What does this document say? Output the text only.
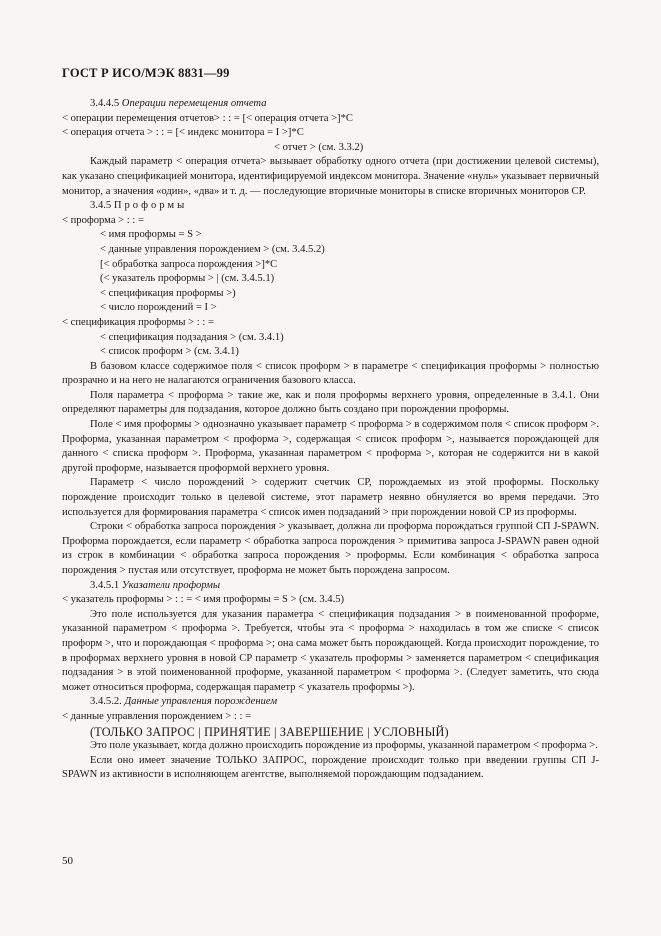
ГОСТ Р ИСО/МЭК 8831—99

3.4.4.5 Операции перемещения отчета

< операции перемещения отчетов> : : = [< операция отчета >]*C

< операция отчета > : : = [< индекс монитора = I >]*C

< отчет > (см. 3.3.2)

Каждый параметр < операция отчета> вызывает обработку одного отчета (при достижении целевой системы), как указано спецификацией монитора, идентифицируемой индексом монитора. Значение «нуль» указывает первичный монитор, а значения «один», «два» и т. д. — последующие вторичные мониторы в списке вторичных мониторов СР.

3.4.5 Проформы

< проформа > : : =

< имя проформы = S >

< данные управления порождением > (см. 3.4.5.2)

[< обработка запроса порождения >]*C

(< указатель проформы > | (см. 3.4.5.1)

< спецификация проформы >)

< число порождений = I >

< спецификация проформы > : : =

< спецификация подзадания > (см. 3.4.1)

< список проформ > (см. 3.4.1)

В базовом классе содержимое поля < список проформ > в параметре < спецификация проформы > полностью прозрачно и на него не налагаются ограничения базового класса.

Поля параметра < проформа > такие же, как и поля проформы верхнего уровня, определенные в 3.4.1. Они определяют параметры для подзадания, которое должно быть создано при порождении проформы.

Поле < имя проформы > однозначно указывает параметр < проформа > в содержимом поля < список проформ >. Проформа, указанная параметром < проформа >, содержащая < список проформ >, называется порождающей для данного < списка проформ >. Проформа, указанная параметром < проформа >, которая не содержится ни в какой другой проформе, называется проформой верхнего уровня.

Параметр < число порождений > содержит счетчик СР, порождаемых из этой проформы. Поскольку порождение происходит только в целевой системе, этот параметр неявно обнуляется во время передачи. Это используется для формирования параметра < список имен подзаданий > при порождении новой СР из проформы.

Строки < обработка запроса порождения > указывает, должна ли проформа порождаться группой СП J-SPAWN. Проформа порождается, если параметр < обработка запроса порождения > примитива запроса J-SPAWN равен одной из строк в комбинации < обработка запроса порождения > проформы. Если комбинация < обработка запроса порождения > пустая или отсутствует, проформа не может быть порождена запросом.

3.4.5.1 Указатели проформы

< указатель проформы > : : = < имя проформы = S > (см. 3.4.5)

Это поле используется для указания параметра < спецификация подзадания > в поименованной проформе, указанной параметром < проформа >. Требуется, чтобы эта < проформа > находилась в том же списке < список проформ >, что и порождающая < проформа >; она сама может быть порождающей. Когда происходит порождение, то в проформах верхнего уровня в новой СР параметр < указатель проформы > заменяется параметром < спецификация подзадания > в этой поименованной проформе, указанной параметром < проформа >. (Следует заметить, что сюда может относиться проформа, содержащая параметр < указатель проформы >).

3.4.5.2. Данные управления порождением

< данные управления порождением > : : =

(ТОЛЬКО ЗАПРОС | ПРИНЯТИЕ | ЗАВЕРШЕНИЕ | УСЛОВНЫЙ)

Это поле указывает, когда должно происходить порождение из проформы, указанной параметром < проформа >.

Если оно имеет значение ТОЛЬКО ЗАПРОС, порождение происходит только при введении группы СП J-SPAWN из активности в исполняющем агентстве, выполняемой порождающим подзаданием.

50
